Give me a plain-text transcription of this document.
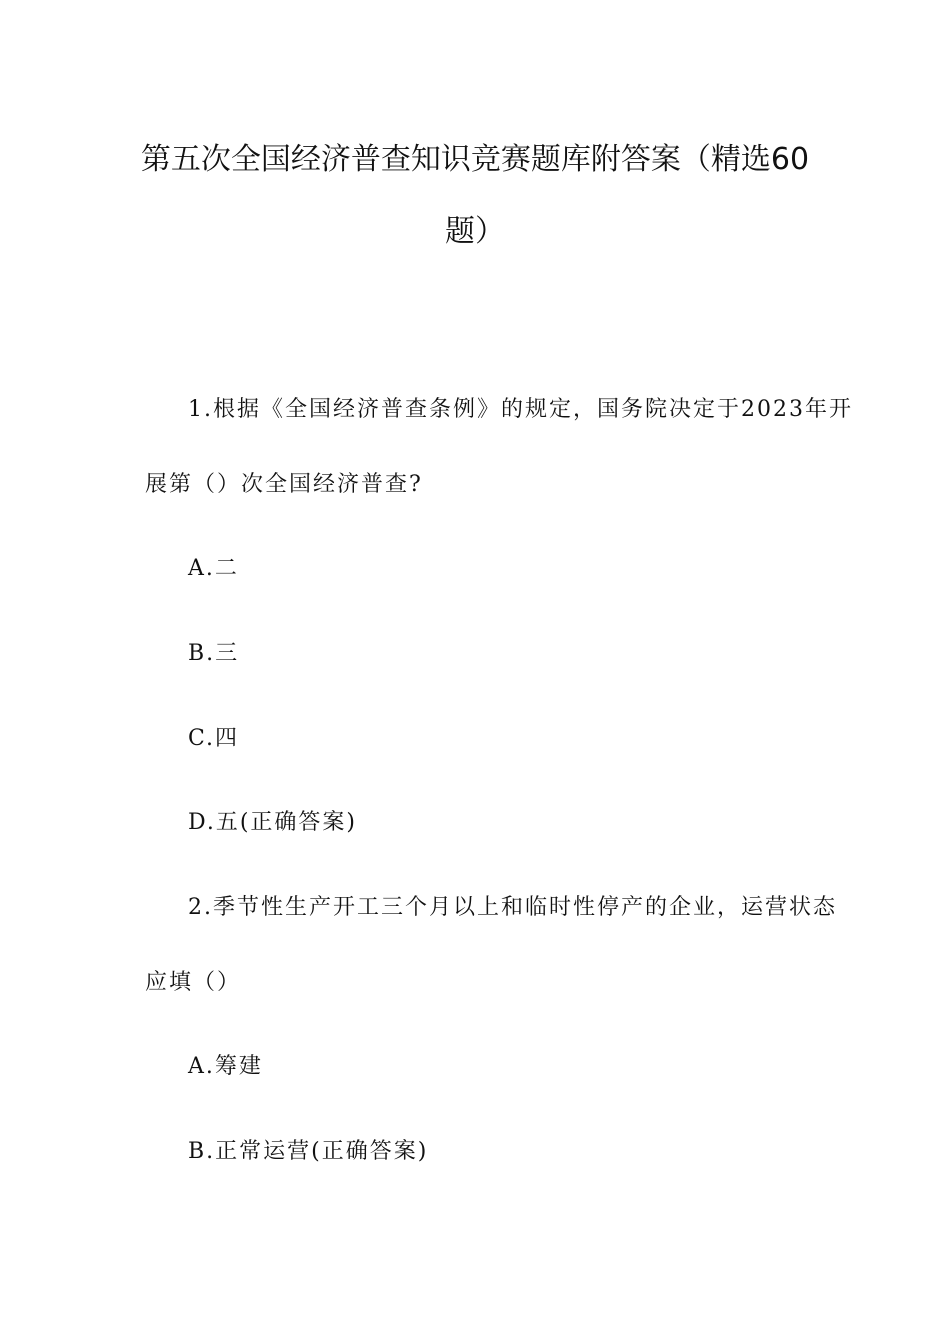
第五次全国经济普查知识竞赛题库附答案（精选60
题）
1.根据《全国经济普查条例》的规定，国务院决定于2023年开
展第（）次全国经济普查?
A.二
B.三
C.四
D.五(正确答案)
2.季节性生产开工三个月以上和临时性停产的企业，运营状态
应填（）
A.筹建
B.正常运营(正确答案)
